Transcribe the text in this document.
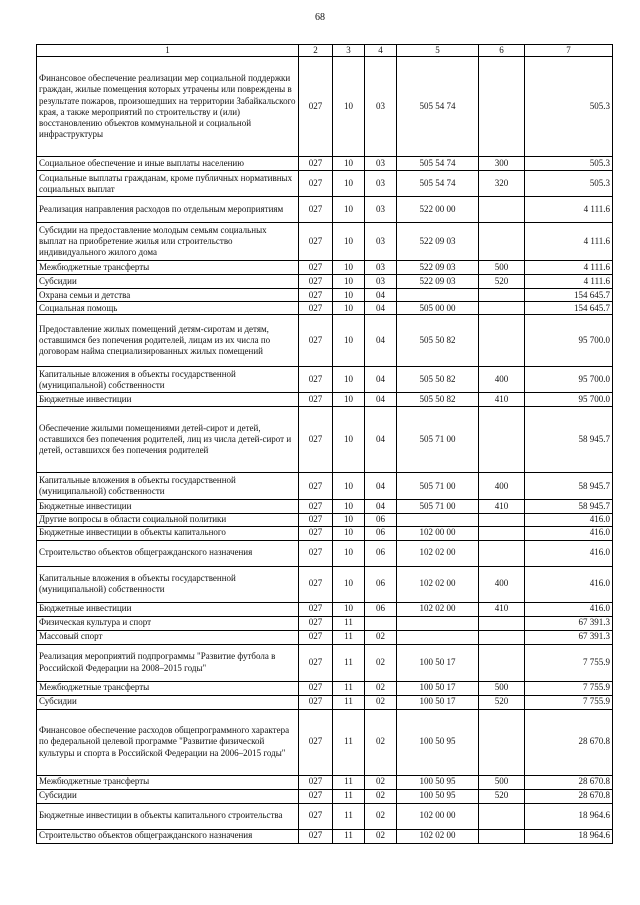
68
1	2	3	4	5	6	7
Финансовое обеспечение реализации мер социальной поддержки граждан, жилые помещения которых утрачены или повреждены в результате пожаров, произошедших на территории Забайкальского края, а также мероприятий по строительству и (или) восстановлению объектов коммунальной и социальной инфраструктуры	027	10	03	505 54 74		505.3
Социальное обеспечение и иные выплаты населению	027	10	03	505 54 74	300	505.3
Социальные выплаты гражданам, кроме публичных нормативных социальных выплат	027	10	03	505 54 74	320	505.3
Реализация направления расходов по отдельным мероприятиям	027	10	03	522 00 00		4 111.6
Субсидии на предоставление молодым семьям социальных выплат на приобретение жилья или строительство индивидуального жилого дома	027	10	03	522 09 03		4 111.6
Межбюджетные трансферты	027	10	03	522 09 03	500	4 111.6
Субсидии	027	10	03	522 09 03	520	4 111.6
Охрана семьи и детства	027	10	04			154 645.7
Социальная помощь	027	10	04	505 00 00		154 645.7
Предоставление жилых помещений детям-сиротам и детям, оставшимся без попечения родителей, лицам из их числа по договорам найма специализированных жилых помещений	027	10	04	505 50 82		95 700.0
Капитальные вложения в объекты государственной (муниципальной) собственности	027	10	04	505 50 82	400	95 700.0
Бюджетные инвестиции	027	10	04	505 50 82	410	95 700.0
Обеспечение жилыми помещениями детей-сирот и детей, оставшихся без попечения родителей, лиц из числа детей-сирот и детей, оставшихся без попечения родителей	027	10	04	505 71 00		58 945.7
Капитальные вложения в объекты государственной (муниципальной) собственности	027	10	04	505 71 00	400	58 945.7
Бюджетные инвестиции	027	10	04	505 71 00	410	58 945.7
Другие вопросы в области социальной политики	027	10	06			416.0
Бюджетные инвестиции в объекты капитального	027	10	06	102 00 00		416.0
Строительство объектов общегражданского назначения	027	10	06	102 02 00		416.0
Капитальные вложения в объекты государственной (муниципальной) собственности	027	10	06	102 02 00	400	416.0
Бюджетные инвестиции	027	10	06	102 02 00	410	416.0
Физическая культура и спорт	027	11				67 391.3
Массовый спорт	027	11	02			67 391.3
Реализация мероприятий подпрограммы "Развитие футбола в Российской Федерации на 2008–2015 годы"	027	11	02	100 50 17		7 755.9
Межбюджетные трансферты	027	11	02	100 50 17	500	7 755.9
Субсидии	027	11	02	100 50 17	520	7 755.9
Финансовое обеспечение расходов общепрограммного характера по федеральной целевой программе "Развитие физической культуры и спорта в Российской Федерации на 2006–2015 годы"	027	11	02	100 50 95		28 670.8
Межбюджетные трансферты	027	11	02	100 50 95	500	28 670.8
Субсидии	027	11	02	100 50 95	520	28 670.8
Бюджетные инвестиции в объекты капитального строительства	027	11	02	102 00 00		18 964.6
Строительство объектов общегражданского назначения	027	11	02	102 02 00		18 964.6
